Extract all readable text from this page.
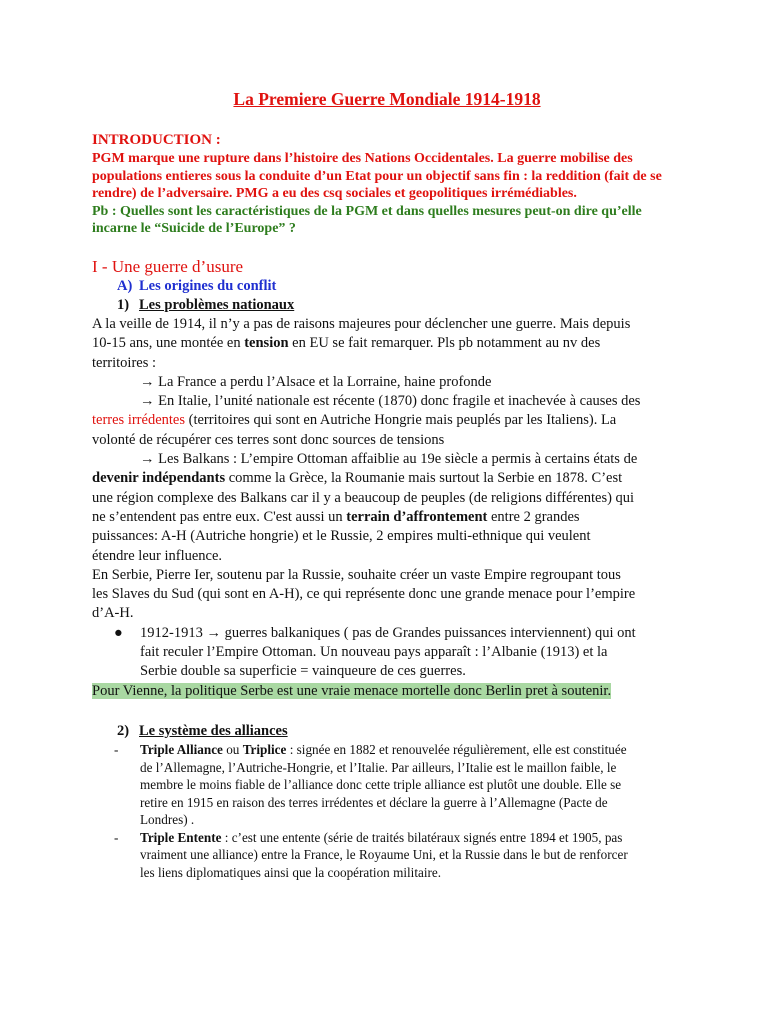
La Premiere Guerre Mondiale 1914-1918
INTRODUCTION :
PGM marque une rupture dans l’histoire des Nations Occidentales. La guerre mobilise des
populations entieres sous la conduite d’un Etat pour un objectif sans fin : la reddition (fait de se
rendre) de l’adversaire. PMG a eu des csq sociales et geopolitiques irrémédiables.
Pb : Quelles sont les caractéristiques de la PGM et dans quelles mesures peut-on dire qu’elle
incarne le “Suicide de l’Europe” ?
I - Une guerre d’usure
A) Les origines du conflit
1) Les problèmes nationaux
A la veille de 1914, il n’y a pas de raisons majeures pour déclencher une guerre. Mais depuis
10-15 ans, une montée en tension en EU se fait remarquer. Pls pb notamment au nv des
territoires :
→ La France a perdu l’Alsace et la Lorraine, haine profonde
→ En Italie, l’unité nationale est récente (1870) donc fragile et inachevée à causes des
terres irrédentes (territoires qui sont en Autriche Hongrie mais peuplés par les Italiens). La
volonté de récupérer ces terres sont donc sources de tensions
→ Les Balkans : L’empire Ottoman affaiblie au 19e siècle a permis à certains états de
devenir indépendants comme la Grèce, la Roumanie mais surtout la Serbie en 1878. C’est
une région complexe des Balkans car il y a beaucoup de peuples (de religions différentes) qui
ne s’entendent pas entre eux. C'est aussi un terrain d’affrontement entre 2 grandes
puissances: A-H (Autriche hongrie) et le Russie, 2 empires multi-ethnique qui veulent
étendre leur influence.
En Serbie, Pierre Ier, soutenu par la Russie, souhaite créer un vaste Empire regroupant tous
les Slaves du Sud (qui sont en A-H), ce qui représente donc une grande menace pour l’empire
d’A-H.
● 1912-1913 → guerres balkaniques ( pas de Grandes puissances interviennent) qui ont
fait reculer l’Empire Ottoman. Un nouveau pays apparaît : l’Albanie (1913) et la
Serbie double sa superficie = vainqueure de ces guerres.
Pour Vienne, la politique Serbe est une vraie menace mortelle donc Berlin pret à soutenir.
2) Le système des alliances
- Triple Alliance ou Triplice : signée en 1882 et renouvelée régulièrement, elle est constituée
de l’Allemagne, l’Autriche-Hongrie, et l’Italie. Par ailleurs, l’Italie est le maillon faible, le
membre le moins fiable de l’alliance donc cette triple alliance est plutôt une double. Elle se
retire en 1915 en raison des terres irrédentes et déclare la guerre à l’Allemagne (Pacte de
Londres) .
- Triple Entente : c’est une entente (série de traités bilatéraux signés entre 1894 et 1905, pas
vraiment une alliance) entre la France, le Royaume Uni, et la Russie dans le but de renforcer
les liens diplomatiques ainsi que la coopération militaire.
